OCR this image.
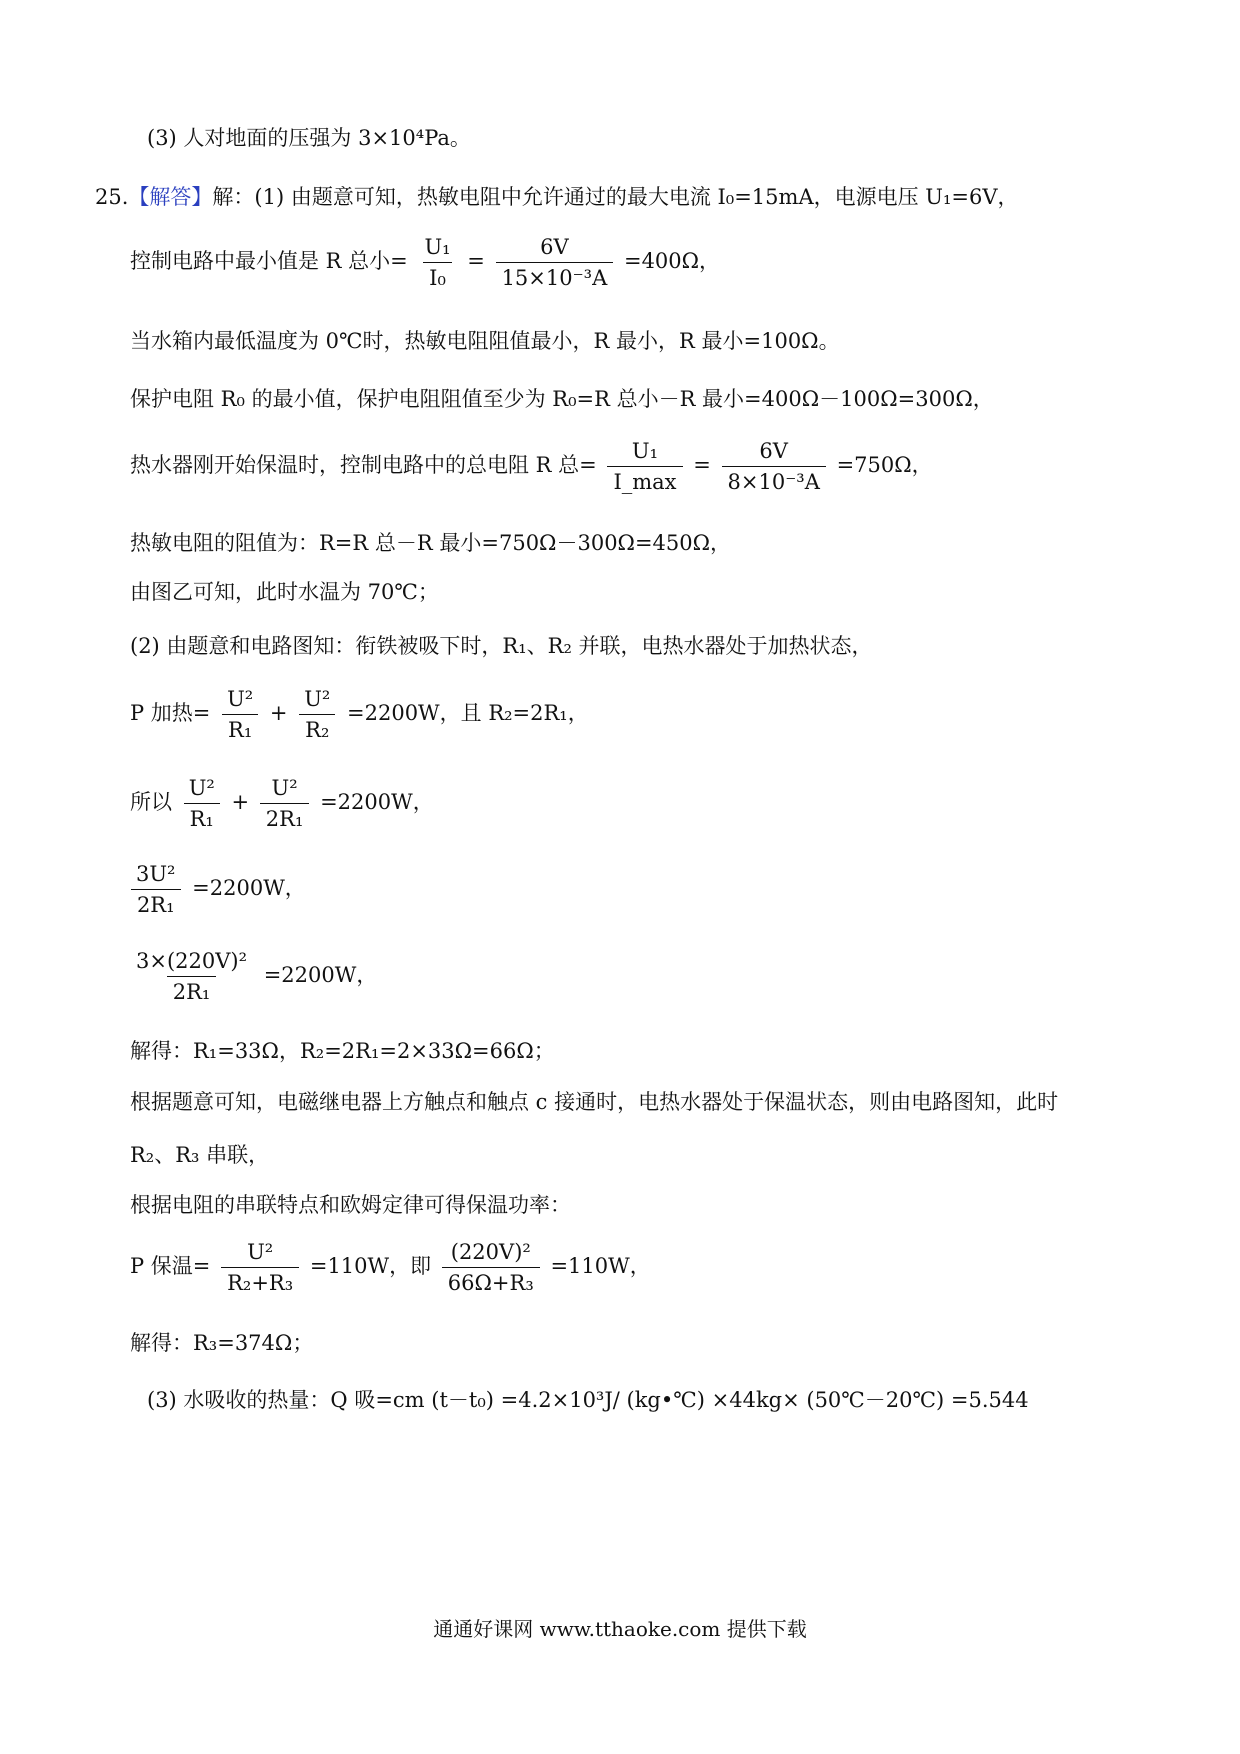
(3) 人对地面的压强为 3×10⁴Pa。
25.【解答】解：(1) 由题意可知，热敏电阻中允许通过的最大电流 I₀=15mA，电源电压 U₁=6V，
控制电路中最小值是 R 总小= $\frac{\text{U₁}}{\text{I₀}} = \frac{6V}{\text{15×10⁻³A}} =400\Omega$，
当水箱内最低温度为 0℃时，热敏电阻阻值最小，R 最小，R 最小=100Ω。
保护电阻 R₀ 的最小值，保护电阻阻值至少为 R₀=R 总小－R 最小=400Ω－100Ω=300Ω，
热水器刚开始保温时，控制电路中的总电阻 R 总= $\frac{\text{U₁}}{I\_\max} = \frac{6V}{\text{8×10⁻³A}} =750\Omega$，
热敏电阻的阻值为：R=R 总－R 最小=750Ω－300Ω=450Ω，
由图乙可知，此时水温为 70℃；
(2) 由题意和电路图知：衔铁被吸下时，R₁、R₂ 并联，电热水器处于加热状态，
P 加热= $\frac{\text{U²}}{\text{R₁}} + \frac{\text{U²}}{\text{R₂}} =2200W$，且 R₂=2R₁，
所以 $\frac{\text{U²}}{\text{R₁}} + \frac{\text{U²}}{\text{2R₁}} =2200W$，
$\frac{\text{3U²}}{\text{2R₁}} =2200W$，
$\frac{\text{3×(220V)²}}{\text{2R₁}} =2200W$，
解得：R₁=33Ω，R₂=2R₁=2×33Ω=66Ω；
根据题意可知，电磁继电器上方触点和触点 c 接通时，电热水器处于保温状态，则由电路图知，此时
R₂、R₃ 串联，
根据电阻的串联特点和欧姆定律可得保温功率：
P 保温= $\frac{\text{U²}}{\text{R₂+R₃}} =110W$，即 $\frac{\text{(220V)²}}{\text{66Ω+R₃}} =110W$，
解得：R₃=374Ω；
(3) 水吸收的热量：Q 吸=cm (t－t₀) =4.2×10³J/ (kg•℃) ×44kg× (50℃－20℃) =5.544
通通好课网 www.tthaoke.com 提供下载
